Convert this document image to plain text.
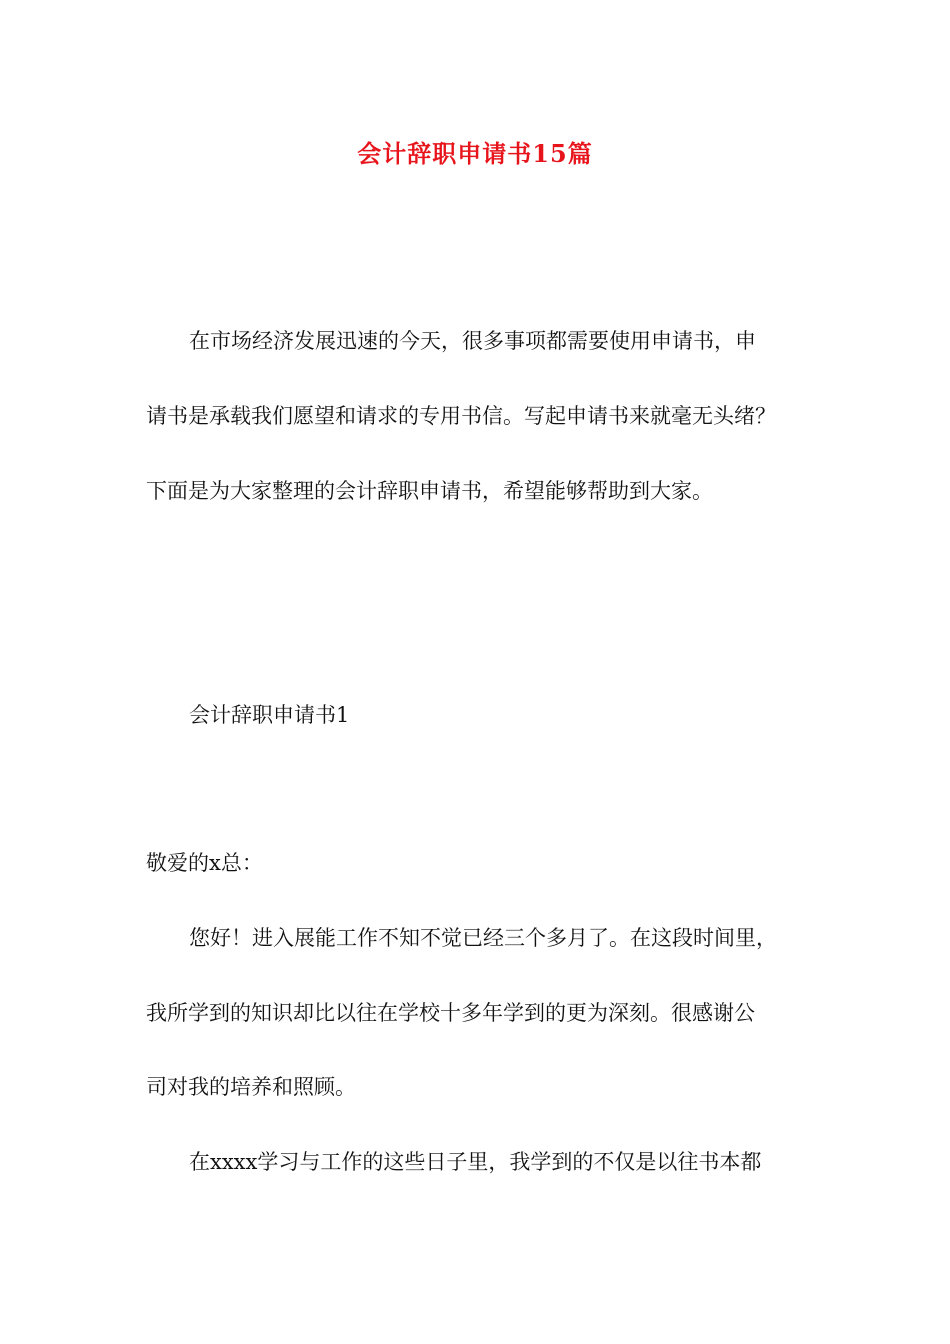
会计辞职申请书15篇
在市场经济发展迅速的今天，很多事项都需要使用申请书，申
请书是承载我们愿望和请求的专用书信。写起申请书来就毫无头绪？
下面是为大家整理的会计辞职申请书，希望能够帮助到大家。
会计辞职申请书1
敬爱的x总：
您好！进入展能工作不知不觉已经三个多月了。在这段时间里，
我所学到的知识却比以往在学校十多年学到的更为深刻。很感谢公
司对我的培养和照顾。
在xxxx学习与工作的这些日子里，我学到的不仅是以往书本都
